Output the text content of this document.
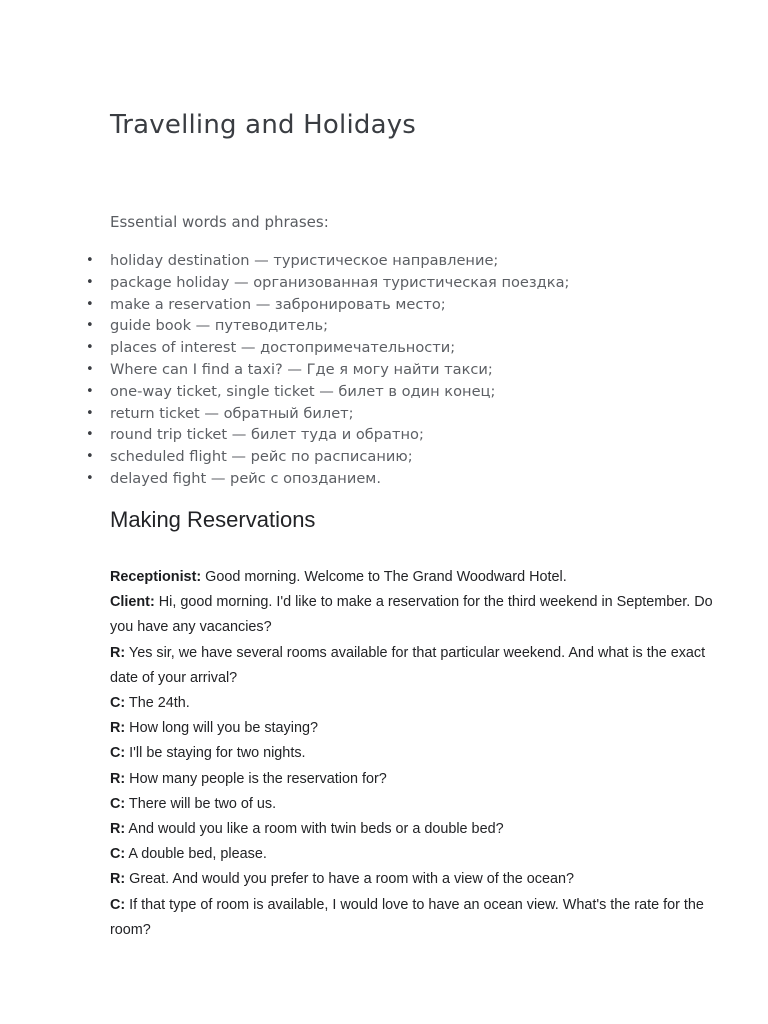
Travelling and Holidays

Essential words and phrases:

• holiday destination — туристическое направление;
• package holiday — организованная туристическая поездка;
• make a reservation — забронировать место;
• guide book — путеводитель;
• places of interest — достопримечательности;
• Where can I find a taxi? — Где я могу найти такси;
• one-way ticket, single ticket — билет в один конец;
• return ticket — обратный билет;
• round trip ticket — билет туда и обратно;
• scheduled flight — рейс по расписанию;
• delayed fight — рейс с опозданием.
Making Reservations

Receptionist: Good morning. Welcome to The Grand Woodward Hotel.

Client: Hi, good morning. I'd like to make a reservation for the third weekend in September. Do you have any vacancies?

R: Yes sir, we have several rooms available for that particular weekend. And what is the exact date of your arrival?

C: The 24th.

R: How long will you be staying?

C: I'll be staying for two nights.

R: How many people is the reservation for?

C: There will be two of us.

R: And would you like a room with twin beds or a double bed?

C: A double bed, please.

R: Great. And would you prefer to have a room with a view of the ocean?

C: If that type of room is available, I would love to have an ocean view. What's the rate for the room?
